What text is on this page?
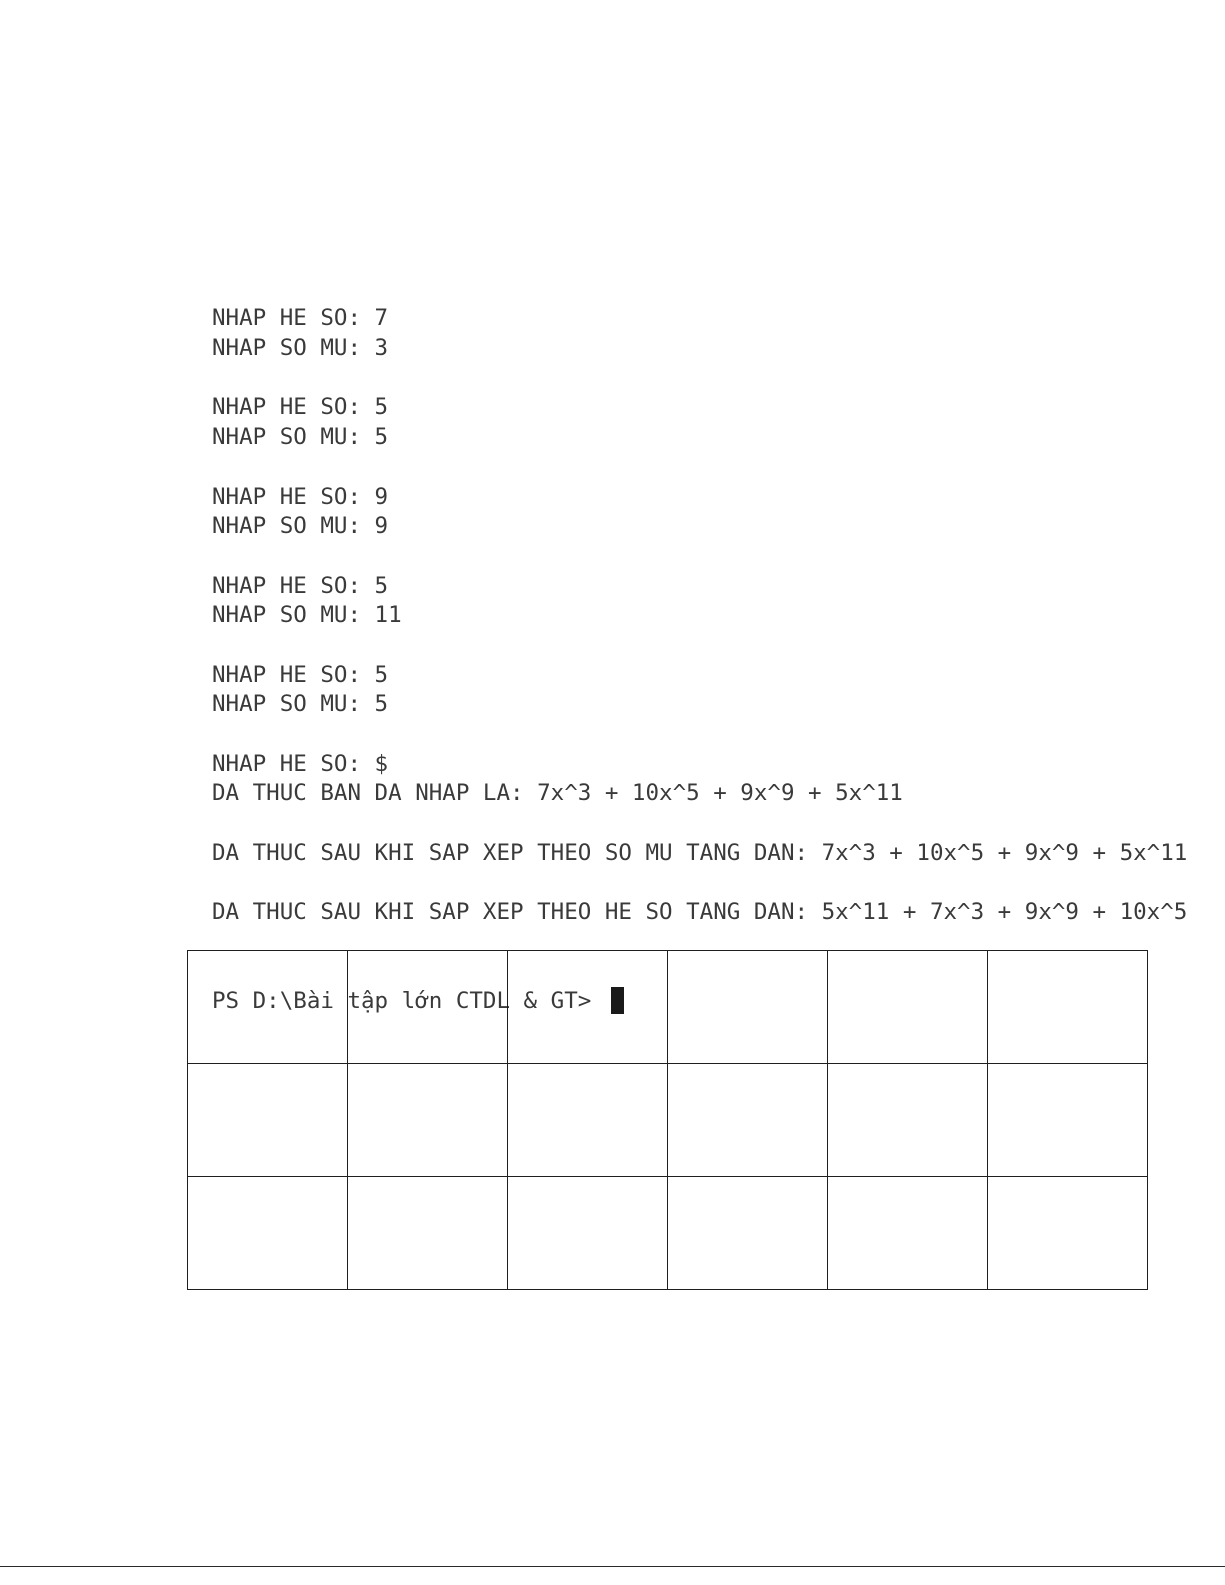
NHAP HE SO: 7
NHAP SO MU: 3
NHAP HE SO: 5
NHAP SO MU: 5
NHAP HE SO: 9
NHAP SO MU: 9
NHAP HE SO: 5
NHAP SO MU: 11
NHAP HE SO: 5
NHAP SO MU: 5
NHAP HE SO: $
DA THUC BAN DA NHAP LA: 7x^3 + 10x^5 + 9x^9 + 5x^11
DA THUC SAU KHI SAP XEP THEO SO MU TANG DAN: 7x^3 + 10x^5 + 9x^9 + 5x^11
DA THUC SAU KHI SAP XEP THEO HE SO TANG DAN: 5x^11 + 7x^3 + 9x^9 + 10x^5

PS D:\Bài tập lớn CTDL & GT>
